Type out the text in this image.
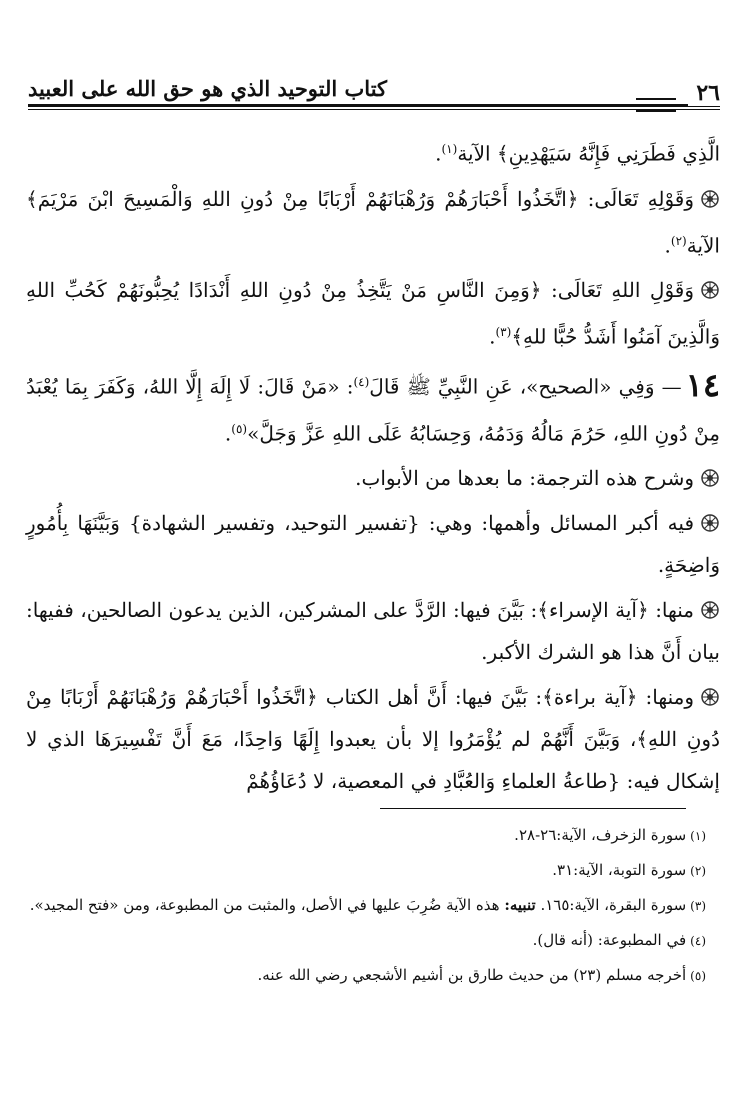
كتاب التوحيد الذي هو حق الله على العبيد	٢٦

الَّذِي فَطَرَنِي فَإِنَّهُ سَيَهْدِينِ﴾ الآية$^{(١)}$.

وَقَوْلِهِ تَعَالَى: ﴿اتَّخَذُوا أَحْبَارَهُمْ وَرُهْبَانَهُمْ أَرْبَابًا مِنْ دُونِ اللهِ وَالْمَسِيحَ ابْنَ مَرْيَمَ﴾ الآية$^{(٢)}$.

وَقَوْلِ اللهِ تَعَالَى: ﴿وَمِنَ النَّاسِ مَنْ يَتَّخِذُ مِنْ دُونِ اللهِ أَنْدَادًا يُحِبُّونَهُمْ كَحُبِّ اللهِ وَالَّذِينَ آمَنُوا أَشَدُّ حُبًّا للهِ﴾$^{(٣)}$.

١٤— وَفِي «الصحيح»، عَنِ النَّبِيِّ ﷺ قَالَ$^{(٤)}$: «مَنْ قَالَ: لَا إِلَهَ إِلَّا اللهُ، وَكَفَرَ بِمَا يُعْبَدُ مِنْ دُونِ اللهِ، حَرُمَ مَالُهُ وَدَمُهُ، وَحِسَابُهُ عَلَى اللهِ عَزَّ وَجَلَّ»$^{(٥)}$.

وشرح هذه الترجمة: ما بعدها من الأبواب.

فيه أكبر المسائل وأهمها: وهي: {تفسير التوحيد، وتفسير الشهادة} وَبَيَّنَهَا بِأُمُورٍ وَاضِحَةٍ.

منها: ﴿آية الإسراء﴾: بَيَّنَ فيها: الرَّدَّ على المشركين، الذين يدعون الصالحين، ففيها: بيان أَنَّ هذا هو الشرك الأكبر.

ومنها: ﴿آية براءة﴾: بَيَّنَ فيها: أَنَّ أهل الكتاب ﴿اتَّخَذُوا أَحْبَارَهُمْ وَرُهْبَانَهُمْ أَرْبَابًا مِنْ دُونِ اللهِ﴾، وَبَيَّنَ أَنَّهُمْ لم يُؤْمَرُوا إلا بأن يعبدوا إِلَهًا وَاحِدًا، مَعَ أَنَّ تَفْسِيرَهَا الذي لا إشكال فيه: {طاعةُ العلماءِ وَالعُبَّادِ في المعصية، لا دُعَاؤُهُمْ

(١)سورة الزخرف، الآية:٢٦-٢٨.

(٢)سورة التوبة، الآية:٣١.

(٣)سورة البقرة، الآية:١٦٥. تنبيه: هذه الآية ضُرِبَ عليها في الأصل، والمثبت من المطبوعة، ومن «فتح المجيد».

(٤)في المطبوعة: (أنه قال).

(٥)أخرجه مسلم (٢٣) من حديث طارق بن أشيم الأشجعي رضي الله عنه.
